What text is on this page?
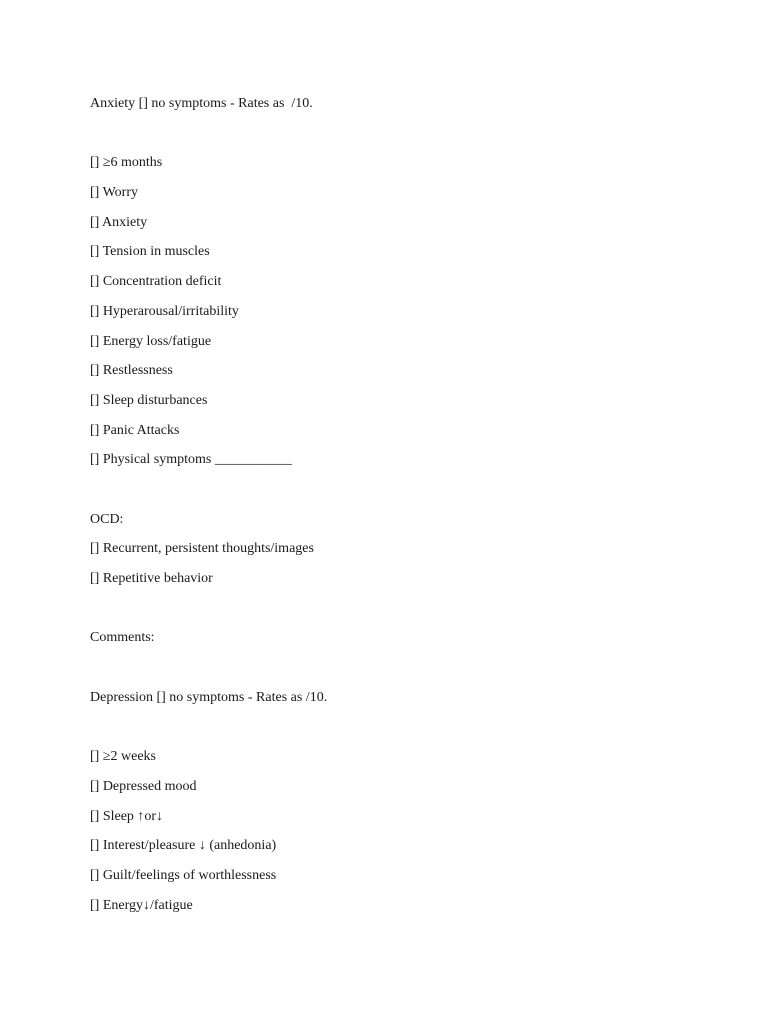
Anxiety [] no symptoms - Rates as  /10.
[] ≥6 months
[] Worry
[] Anxiety
[] Tension in muscles
[] Concentration deficit
[] Hyperarousal/irritability
[] Energy loss/fatigue
[] Restlessness
[] Sleep disturbances
[] Panic Attacks
[] Physical symptoms ___________
OCD:
[] Recurrent, persistent thoughts/images
[] Repetitive behavior
Comments:
Depression [] no symptoms - Rates as /10.
[] ≥2 weeks
[] Depressed mood
[] Sleep ↑or↓
[] Interest/pleasure ↓ (anhedonia)
[] Guilt/feelings of worthlessness
[] Energy↓/fatigue
